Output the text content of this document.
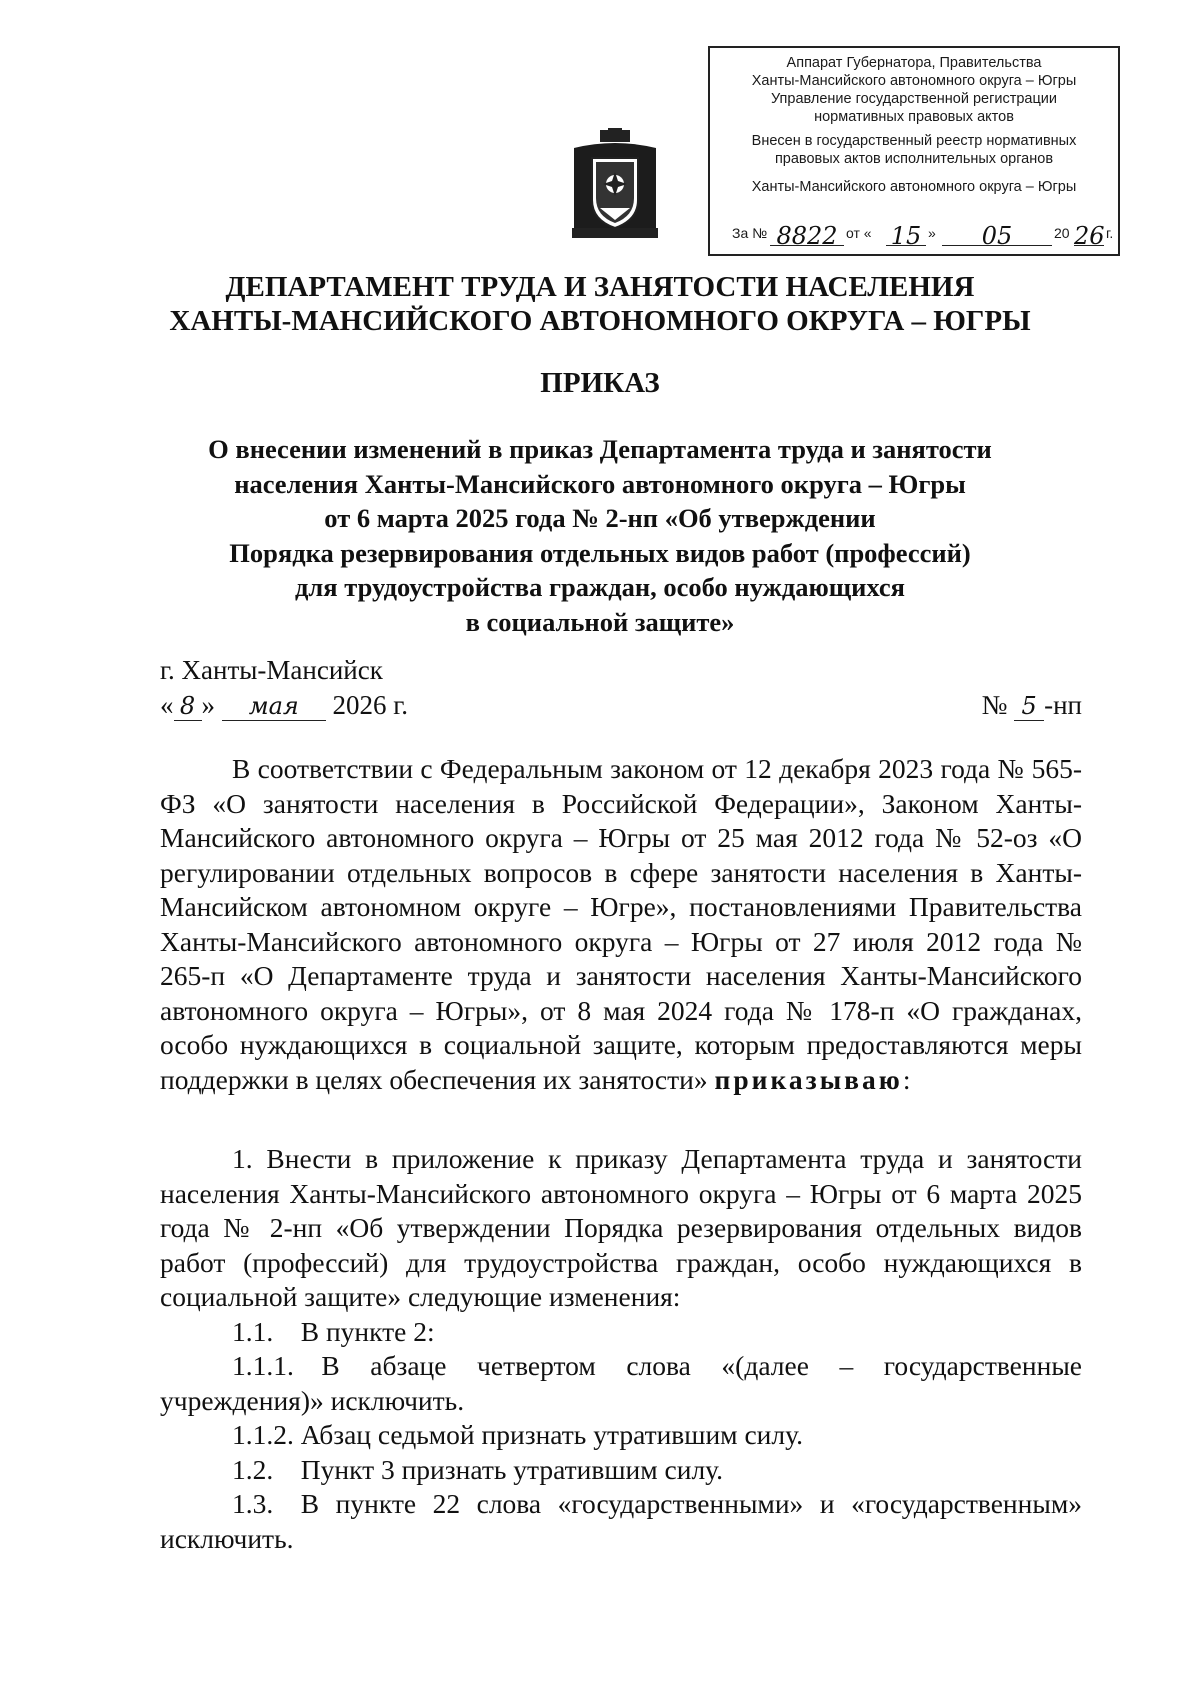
Аппарат Губернатора, Правительства
Ханты-Мансийского автономного округа – Югры
Управление государственной регистрации
нормативных правовых актов
Внесен в государственный реестр нормативных
правовых актов исполнительных органов
Ханты-Мансийского автономного округа – Югры
За № 8822 от « 15 »	05	20 26 г.
ДЕПАРТАМЕНТ ТРУДА И ЗАНЯТОСТИ НАСЕЛЕНИЯ
ХАНТЫ-МАНСИЙСКОГО АВТОНОМНОГО ОКРУГА – ЮГРЫ
ПРИКАЗ
О внесении изменений в приказ Департамента труда и занятости
населения Ханты-Мансийского автономного округа – Югры
от 6 марта 2025 года № 2-нп «Об утверждении
Порядка резервирования отдельных видов работ (профессий)
для трудоустройства граждан, особо нуждающихся
в социальной защите»
г. Ханты-Мансийск
« 8 » мая 2026 г.	№ 5 -нп

В соответствии с Федеральным законом от 12 декабря 2023 года № 565-ФЗ «О занятости населения в Российской Федерации», Законом Ханты-Мансийского автономного округа – Югры от 25 мая 2012 года № 52-оз «О регулировании отдельных вопросов в сфере занятости населения в Ханты-Мансийском автономном округе – Югре», постановлениями Правительства Ханты-Мансийского автономного округа – Югры от 27 июля 2012 года № 265-п «О Департаменте труда и занятости населения Ханты-Мансийского автономного округа – Югры», от 8 мая 2024 года № 178-п «О гражданах, особо нуждающихся в социальной защите, которым предоставляются меры поддержки в целях обеспечения их занятости» приказываю:

1. Внести в приложение к приказу Департамента труда и занятости населения Ханты-Мансийского автономного округа – Югры от 6 марта 2025 года № 2-нп «Об утверждении Порядка резервирования отдельных видов работ (профессий) для трудоустройства граждан, особо нуждающихся в социальной защите» следующие изменения:

1.1. В пункте 2:

1.1.1. В абзаце четвертом слова «(далее – государственные учреждения)» исключить.

1.1.2. Абзац седьмой признать утратившим силу.

1.2. Пункт 3 признать утратившим силу.

1.3. В пункте 22 слова «государственными» и «государственным» исключить.
